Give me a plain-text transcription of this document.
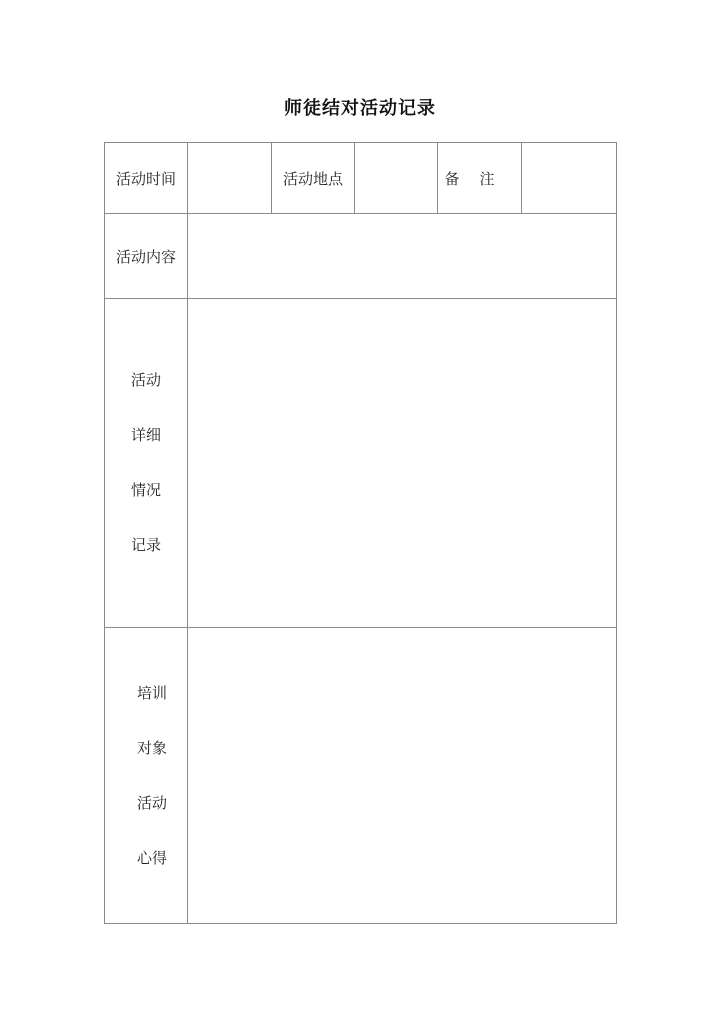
师徒结对活动记录
活动时间		活动地点		备注	
活动内容					

活动
详细
情况
记录					

培训
对象
活动
心得					
